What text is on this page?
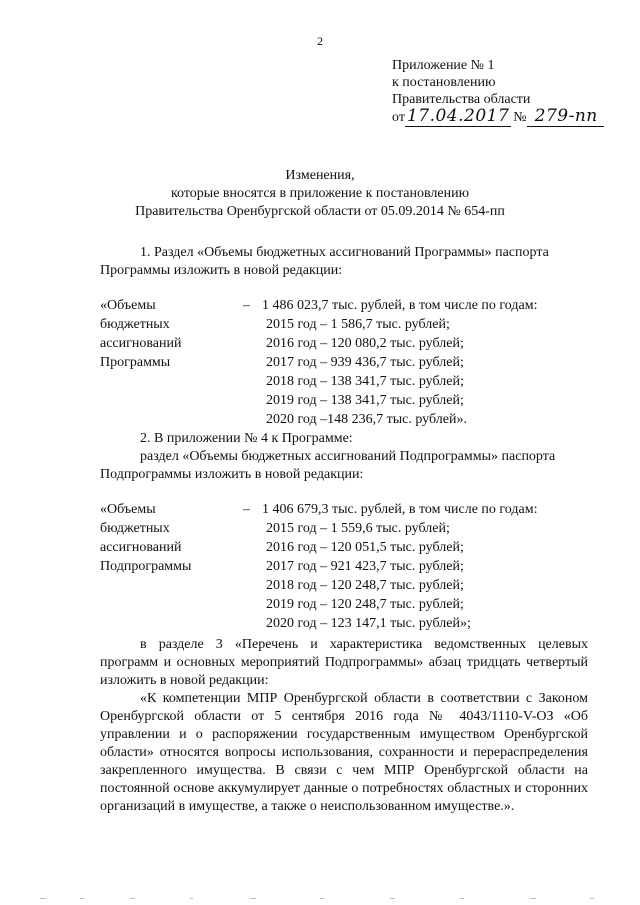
2
Приложение № 1
к постановлению
Правительства области
от 17.04.2017 № 279-пп
Изменения,
которые вносятся в приложение к постановлению
Правительства Оренбургской области от 05.09.2014 № 654-пп
1. Раздел «Объемы бюджетных ассигнований Программы» паспорта
Программы изложить в новой редакции:
«Объемы
бюджетных
ассигнований
Программы
– 1 486 023,7 тыс. рублей, в том числе по годам:
2015 год – 1 586,7 тыс. рублей;
2016 год – 120 080,2 тыс. рублей;
2017 год – 939 436,7 тыс. рублей;
2018 год – 138 341,7 тыс. рублей;
2019 год – 138 341,7 тыс. рублей;
2020 год –148 236,7 тыс. рублей».
2. В приложении № 4 к Программе:
раздел «Объемы бюджетных ассигнований Подпрограммы» паспорта
Подпрограммы изложить в новой редакции:
«Объемы
бюджетных
ассигнований
Подпрограммы
– 1 406 679,3 тыс. рублей, в том числе по годам:
2015 год – 1 559,6 тыс. рублей;
2016 год – 120 051,5 тыс. рублей;
2017 год – 921 423,7 тыс. рублей;
2018 год – 120 248,7 тыс. рублей;
2019 год – 120 248,7 тыс. рублей;
2020 год – 123 147,1 тыс. рублей»;
в разделе 3 «Перечень и характеристика ведомственных целевых программ и основных мероприятий Подпрограммы» абзац тридцать четвертый изложить в новой редакции:
«К компетенции МПР Оренбургской области в соответствии с Законом Оренбургской области от 5 сентября 2016 года № 4043/1110-V-ОЗ «Об управлении и о распоряжении государственным имуществом Оренбургской области» относятся вопросы использования, сохранности и перераспределения закрепленного имущества. В связи с чем МПР Оренбургской области на постоянной основе аккумулирует данные о потребностях областных и сторонних организаций в имуществе, а также о неиспользованном имуществе.».
